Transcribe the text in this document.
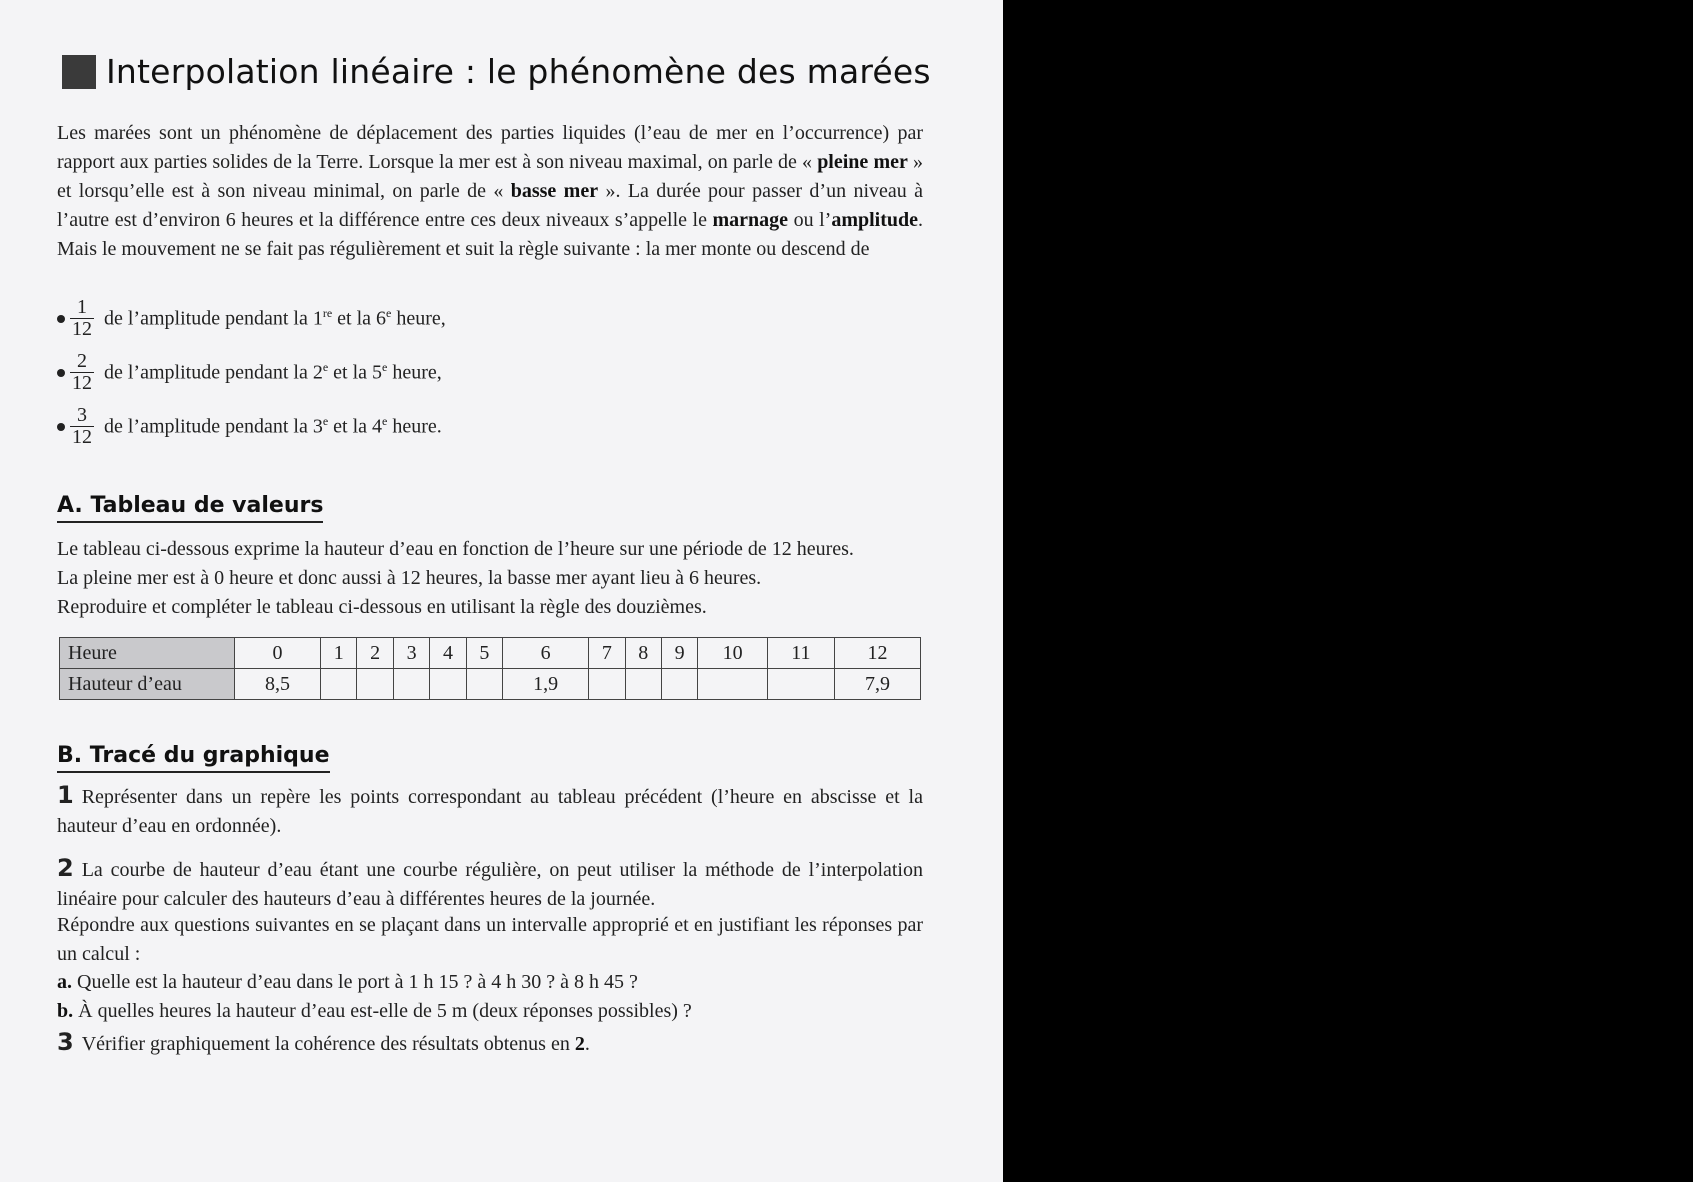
Interpolation linéaire : le phénomène des marées
Les marées sont un phénomène de déplacement des parties liquides (l’eau de mer en l’occurrence) par rapport aux parties solides de la Terre. Lorsque la mer est à son niveau maximal, on parle de « pleine mer » et lorsqu’elle est à son niveau minimal, on parle de « basse mer ». La durée pour passer d’un niveau à l’autre est d’environ 6 heures et la différence entre ces deux niveaux s’appelle le marnage ou l’amplitude. Mais le mouvement ne se fait pas régulièrement et suit la règle suivante : la mer monte ou descend de
$\frac{1}{12}$ de l’amplitude pendant la 1re et la 6e heure,
$\frac{2}{12}$ de l’amplitude pendant la 2e et la 5e heure,
$\frac{3}{12}$ de l’amplitude pendant la 3e et la 4e heure.
A. Tableau de valeurs
Le tableau ci-dessous exprime la hauteur d’eau en fonction de l’heure sur une période de 12 heures.
La pleine mer est à 0 heure et donc aussi à 12 heures, la basse mer ayant lieu à 6 heures.
Reproduire et compléter le tableau ci-dessous en utilisant la règle des douzièmes.
Heure	0	1	2	3	4	5	6	7	8	9	10	11	12
Hauteur d’eau	8,5						1,9						7,9
B. Tracé du graphique
1 Représenter dans un repère les points correspondant au tableau précédent (l’heure en abscisse et la hauteur d’eau en ordonnée).
2 La courbe de hauteur d’eau étant une courbe régulière, on peut utiliser la méthode de l’interpolation linéaire pour calculer des hauteurs d’eau à différentes heures de la journée.
Répondre aux questions suivantes en se plaçant dans un intervalle approprié et en justifiant les réponses par un calcul :
a. Quelle est la hauteur d’eau dans le port à 1 h 15 ? à 4 h 30 ? à 8 h 45 ?
b. À quelles heures la hauteur d’eau est-elle de 5 m (deux réponses possibles) ?
3 Vérifier graphiquement la cohérence des résultats obtenus en 2.
